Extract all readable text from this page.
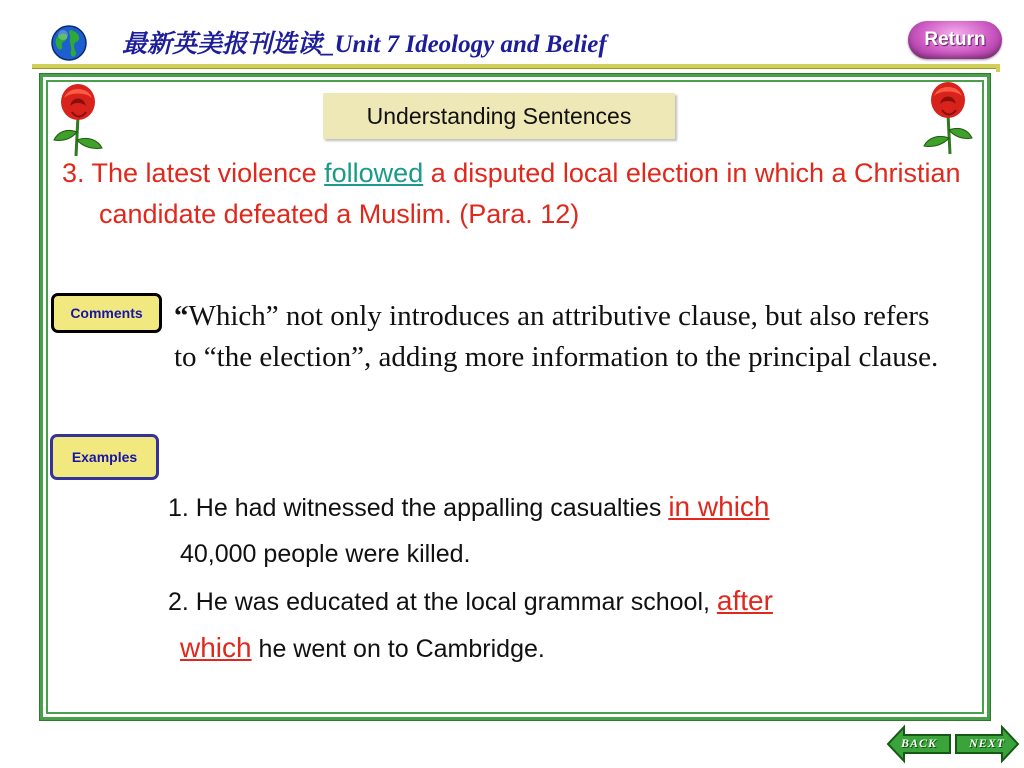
最新英美报刊选读_Unit 7 Ideology and Belief	Return
Understanding Sentences
3. The latest violence followed a disputed local election in which a Christian candidate defeated a Muslim. (Para. 12)
Comments	“Which” not only introduces an attributive clause, but also refers to “the election”, adding more information to the principal clause.
Examples
1. He had witnessed the appalling casualties in which
40,000 people were killed.
2. He was educated at the local grammar school, after
which he went on to Cambridge.
BACK	NEXT
